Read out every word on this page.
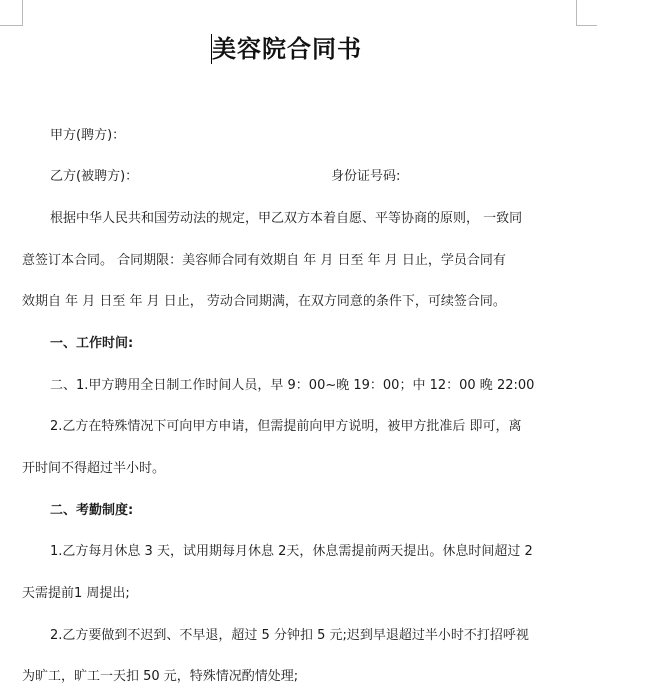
美容院合同书
甲方(聘方)：
乙方(被聘方)：	身份证号码:
根据中华人民共和国劳动法的规定，甲乙双方本着自愿、平等协商的原则， 一致同
意签订本合同。 合同期限：美容师合同有效期自 年 月 日至 年 月 日止，学员合同有
效期自 年 月 日至 年 月 日止， 劳动合同期满，在双方同意的条件下，可续签合同。
一、工作时间:
二、1.甲方聘用全日制工作时间人员，早 9：00~晚 19：00；中 12：00 晚 22:00
2.乙方在特殊情况下可向甲方申请，但需提前向甲方说明，被甲方批准后 即可，离
开时间不得超过半小时。
二、考勤制度:
1.乙方每月休息 3 天，试用期每月休息 2天，休息需提前两天提出。休息时间超过 2
天需提前1 周提出;
2.乙方要做到不迟到、不早退，超过 5 分钟扣 5 元;迟到早退超过半小时不打招呼视
为旷工，旷工一天扣 50 元，特殊情况酌情处理;
